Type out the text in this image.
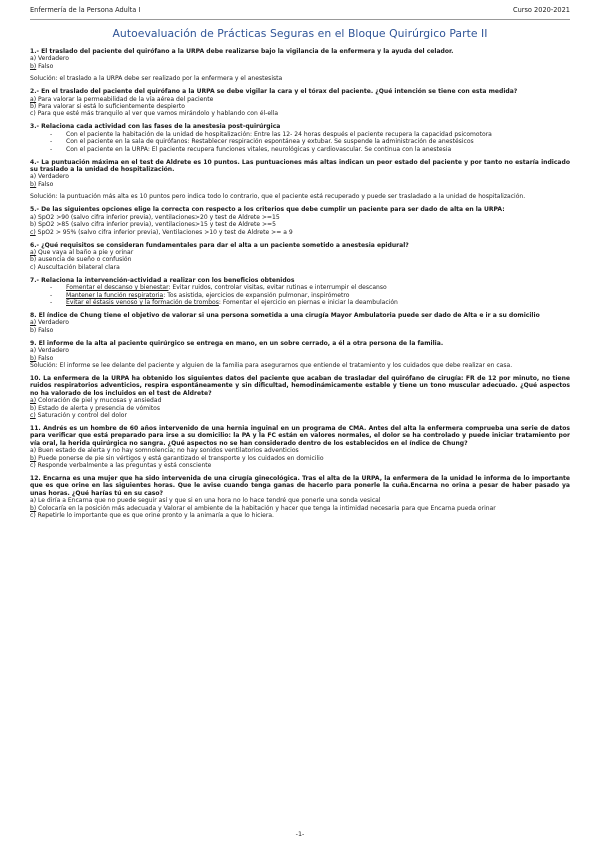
Enfermería de la Persona Adulta I	Curso 2020-2021
Autoevaluación de Prácticas Seguras en el Bloque Quirúrgico Parte II
1.- El traslado del paciente del quirófano a la URPA debe realizarse bajo la vigilancia de la enfermera y la ayuda del celador.
a) Verdadero
b) Falso
Solución: el traslado a la URPA debe ser realizado por la enfermera y el anestesista
2.- En el traslado del paciente del quirófano a la URPA se debe vigilar la cara y el tórax del paciente. ¿Qué intención se tiene con esta medida?
a) Para valorar la permeabilidad de la vía aérea del paciente
b) Para valorar si está lo suficientemente despierto
c) Para que esté más tranquilo al ver que vamos mirándolo y hablando con él-ella
3.- Relaciona cada actividad con las fases de la anestesia post-quirúrgica
- Con el paciente la habitación de la unidad de hospitalización: Entre las 12- 24 horas después el paciente recupera la capacidad psicomotora
- Con el paciente en la sala de quirófanos: Restablecer respiración espontánea y extubar. Se suspende la administración de anestésicos
- Con el paciente en la URPA: El paciente recupera funciones vitales, neurológicas y cardiovascular. Se continua con la anestesia
4.- La puntuación máxima en el test de Aldrete es 10 puntos. Las puntuaciones más altas indican un peor estado del paciente y por tanto no estaría indicado su traslado a la unidad de hospitalización.
a) Verdadero
b) Falso
Solución: la puntuación más alta es 10 puntos pero indica todo lo contrario, que el paciente está recuperado y puede ser trasladado a la unidad de hospitalización.
5.- De las siguientes opciones elige la correcta con respecto a los criterios que debe cumplir un paciente para ser dado de alta en la URPA:
a) SpO2 >90 (salvo cifra inferior previa), ventilaciones>20 y test de Aldrete >=15
b) SpO2 >85 (salvo cifra inferior previa), ventilaciones>15 y test de Aldrete >=5
c) SpO2 > 95% (salvo cifra inferior previa), Ventilaciones >10 y test de Aldrete >= a 9
6.- ¿Qué requisitos se consideran fundamentales para dar el alta a un paciente sometido a anestesia epidural?
a) Que vaya al baño a pie y orinar
b) ausencia de sueño o confusión
c) Auscultación bilateral clara
7.- Relaciona la intervención-actividad a realizar con los beneficios obtenidos
- Fomentar el descanso y bienestar: Evitar ruidos, controlar visitas, evitar rutinas e interrumpir el descanso
- Mantener la función respiratoria: Tos asistida, ejercicios de expansión pulmonar, inspirómetro
- Evitar el éstasis venoso y la formación de trombos: Fomentar el ejercicio en piernas e iniciar la deambulación
8. El índice de Chung tiene el objetivo de valorar si una persona sometida a una cirugía Mayor Ambulatoria puede ser dado de Alta e ir a su domicilio
a) Verdadero
b) Falso
9. El informe de la alta al paciente quirúrgico se entrega en mano, en un sobre cerrado, a él a otra persona de la familia.
a) Verdadero
b) Falso
Solución: El informe se lee delante del paciente y alguien de la familia para asegurarnos que entiende el tratamiento y los cuidados que debe realizar en casa.
10. La enfermera de la URPA ha obtenido los siguientes datos del paciente que acaban de trasladar del quirófano de cirugía: FR de 12 por minuto, no tiene ruidos respiratorios adventicios, respira espontáneamente y sin dificultad, hemodinámicamente estable y tiene un tono muscular adecuado. ¿Qué aspectos no ha valorado de los incluidos en el test de Aldrete?
a) Coloración de piel y mucosas y ansiedad
b) Estado de alerta y presencia de vómitos
c) Saturación y control del dolor
11. Andrés es un hombre de 60 años intervenido de una hernia inguinal en un programa de CMA. Antes del alta la enfermera comprueba una serie de datos para verificar que está preparado para irse a su domicilio: la PA y la FC están en valores normales, el dolor se ha controlado y puede iniciar tratamiento por vía oral, la herida quirúrgica no sangra. ¿Qué aspectos no se han considerado dentro de los establecidos en el índice de Chung?
a) Buen estado de alerta y no hay somnolencia; no hay sonidos ventilatorios adventicios
b) Puede ponerse de pie sin vértigos y está garantizado el transporte y los cuidados en domicilio
c) Responde verbalmente a las preguntas y está consciente
12. Encarna es una mujer que ha sido intervenida de una cirugía ginecológica. Tras el alta de la URPA, la enfermera de la unidad le informa de lo importante que es que orine en las siguientes horas. Que le avise cuando tenga ganas de hacerlo para ponerle la cuña.Encarna no orina a pesar de haber pasado ya unas horas. ¿Qué harías tú en su caso?
a) Le diría a Encarna que no puede seguir así y que si en una hora no lo hace tendré que ponerle una sonda vesical
b) Colocaría en la posición más adecuada y Valorar el ambiente de la habitación y hacer que tenga la intimidad necesaria para que Encarna pueda orinar
c) Repetirle lo importante que es que orine pronto y la animaría a que lo hiciera.
-1-
